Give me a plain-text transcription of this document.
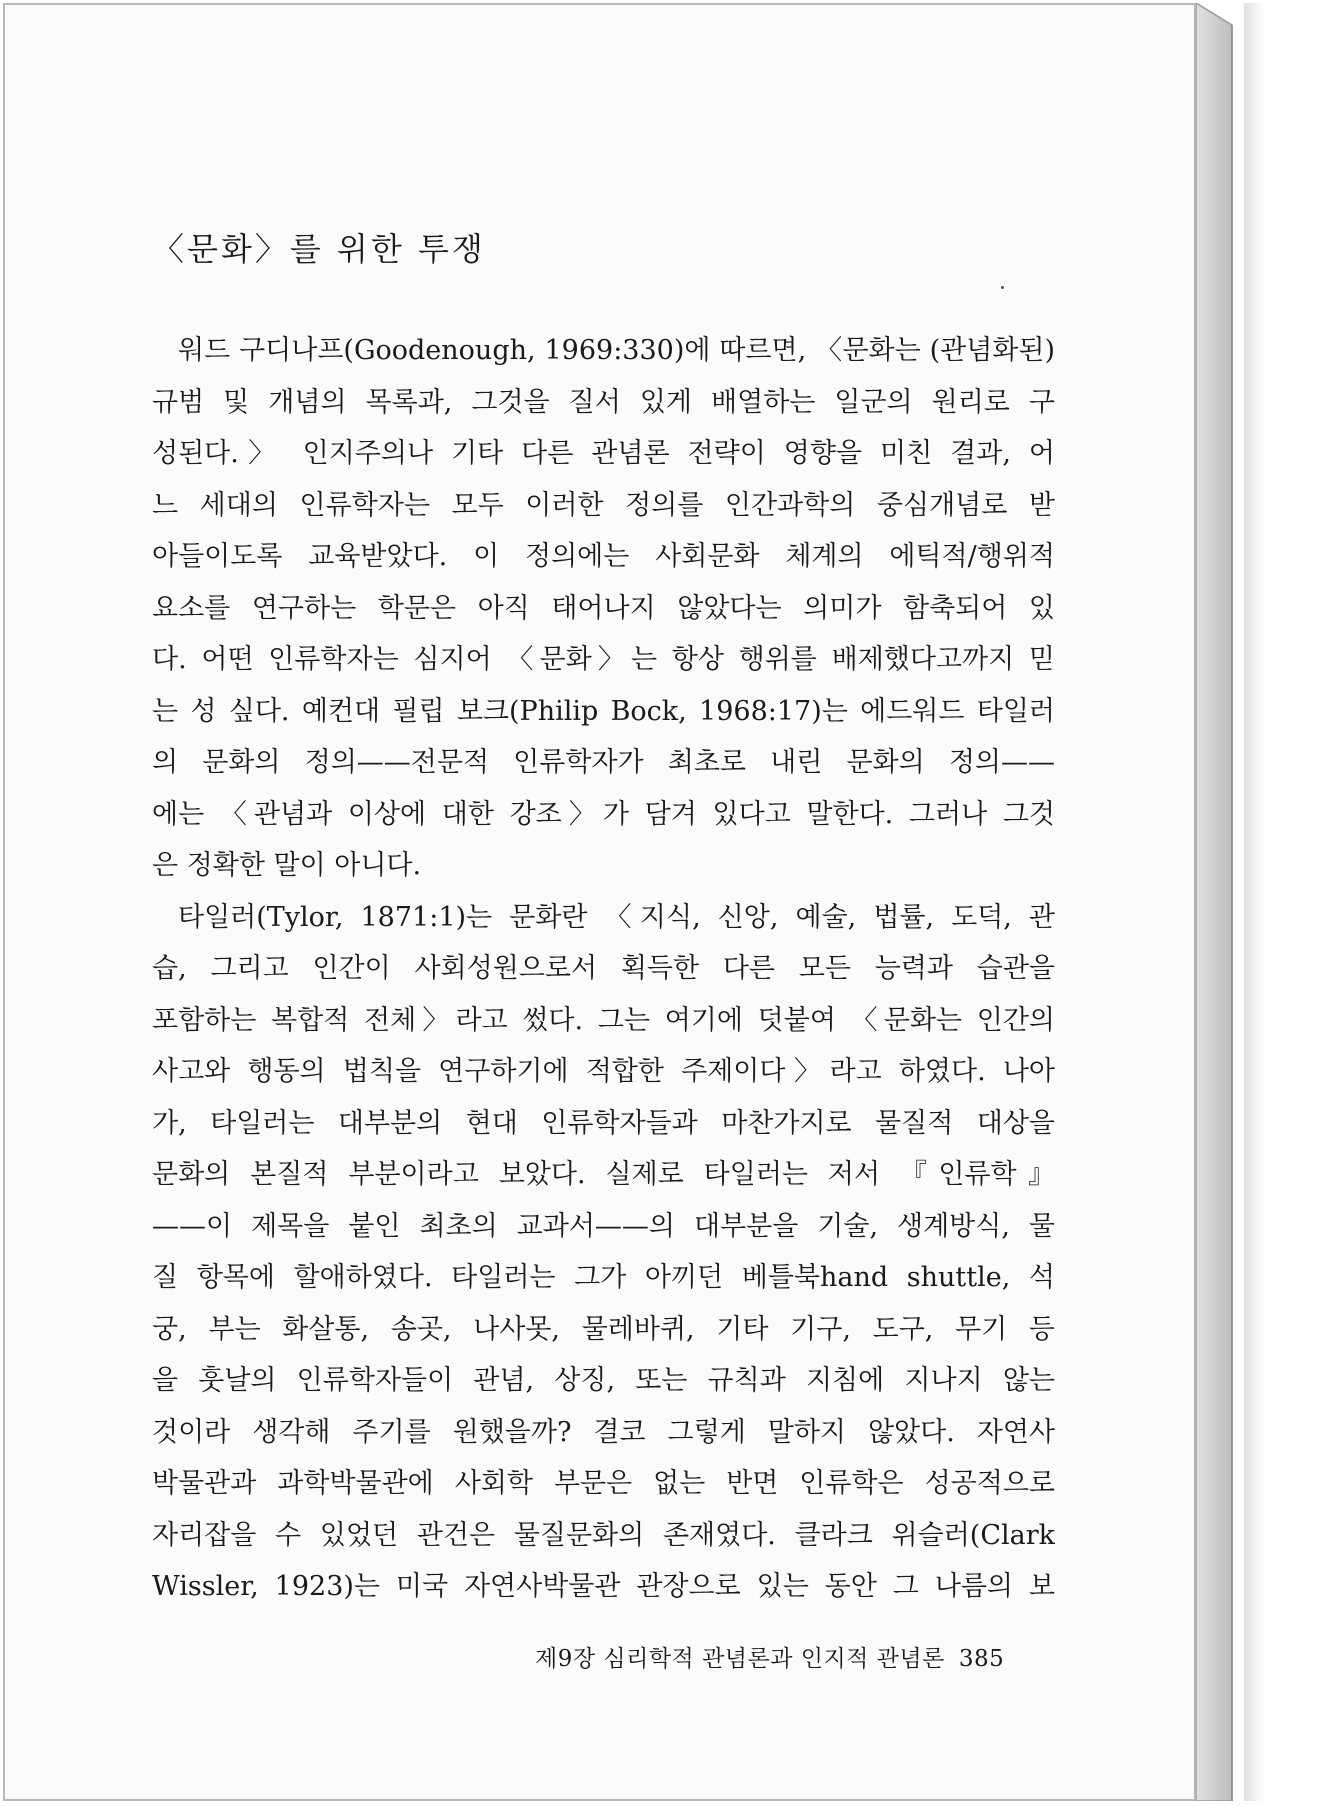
〈문화〉를 위한 투쟁
워드 구디나프(Goodenough, 1969:330)에 따르면, 〈문화는 (관념화된)
규범 및 개념의 목록과, 그것을 질서 있게 배열하는 일군의 원리로 구
성된다.〉 인지주의나 기타 다른 관념론 전략이 영향을 미친 결과, 어
느 세대의 인류학자는 모두 이러한 정의를 인간과학의 중심개념로 받
아들이도록 교육받았다. 이 정의에는 사회문화 체계의 에틱적/행위적
요소를 연구하는 학문은 아직 태어나지 않았다는 의미가 함축되어 있
다. 어떤 인류학자는 심지어 〈문화〉는 항상 행위를 배제했다고까지 믿
는 성 싶다. 예컨대 필립 보크(Philip Bock, 1968:17)는 에드워드 타일러
의 문화의 정의——전문적 인류학자가 최초로 내린 문화의 정의——
에는 〈관념과 이상에 대한 강조〉가 담겨 있다고 말한다. 그러나 그것
은 정확한 말이 아니다.
타일러(Tylor, 1871:1)는 문화란 〈지식, 신앙, 예술, 법률, 도덕, 관
습, 그리고 인간이 사회성원으로서 획득한 다른 모든 능력과 습관을
포함하는 복합적 전체〉라고 썼다. 그는 여기에 덧붙여 〈문화는 인간의
사고와 행동의 법칙을 연구하기에 적합한 주제이다〉라고 하였다. 나아
가, 타일러는 대부분의 현대 인류학자들과 마찬가지로 물질적 대상을
문화의 본질적 부분이라고 보았다. 실제로 타일러는 저서 『인류학』
——이 제목을 붙인 최초의 교과서——의 대부분을 기술, 생계방식, 물
질 항목에 할애하였다. 타일러는 그가 아끼던 베틀북hand shuttle, 석
궁, 부는 화살통, 송곳, 나사못, 물레바퀴, 기타 기구, 도구, 무기 등
을 훗날의 인류학자들이 관념, 상징, 또는 규칙과 지침에 지나지 않는
것이라 생각해 주기를 원했을까? 결코 그렇게 말하지 않았다. 자연사
박물관과 과학박물관에 사회학 부문은 없는 반면 인류학은 성공적으로
자리잡을 수 있었던 관건은 물질문화의 존재였다. 클라크 위슬러(Clark
Wissler, 1923)는 미국 자연사박물관 관장으로 있는 동안 그 나름의 보
제9장 심리학적 관념론과 인지적 관념론 385
